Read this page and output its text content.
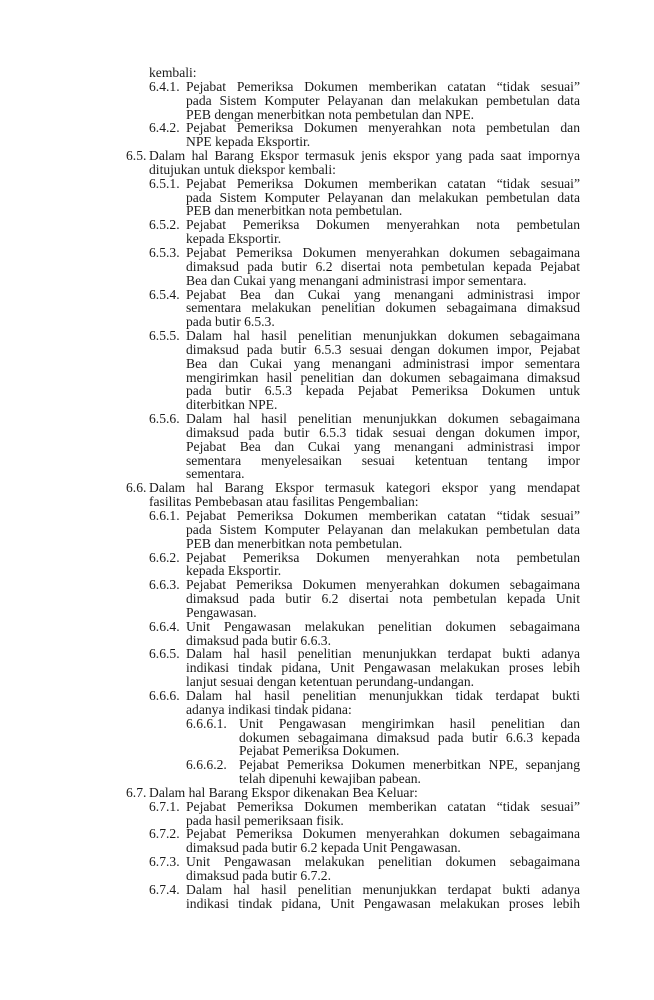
kembali:
6.4.1. Pejabat Pemeriksa Dokumen memberikan catatan “tidak sesuai”
pada Sistem Komputer Pelayanan dan melakukan pembetulan data
PEB dengan menerbitkan nota pembetulan dan NPE.
6.4.2. Pejabat Pemeriksa Dokumen menyerahkan nota pembetulan dan
NPE kepada Eksportir.
6.5. Dalam hal Barang Ekspor termasuk jenis ekspor yang pada saat impornya
ditujukan untuk diekspor kembali:
6.5.1. Pejabat Pemeriksa Dokumen memberikan catatan “tidak sesuai”
pada Sistem Komputer Pelayanan dan melakukan pembetulan data
PEB dan menerbitkan nota pembetulan.
6.5.2. Pejabat Pemeriksa Dokumen menyerahkan nota pembetulan
kepada Eksportir.
6.5.3. Pejabat Pemeriksa Dokumen menyerahkan dokumen sebagaimana
dimaksud pada butir 6.2 disertai nota pembetulan kepada Pejabat
Bea dan Cukai yang menangani administrasi impor sementara.
6.5.4. Pejabat Bea dan Cukai yang menangani administrasi impor
sementara melakukan penelitian dokumen sebagaimana dimaksud
pada butir 6.5.3.
6.5.5. Dalam hal hasil penelitian menunjukkan dokumen sebagaimana
dimaksud pada butir 6.5.3 sesuai dengan dokumen impor, Pejabat
Bea dan Cukai yang menangani administrasi impor sementara
mengirimkan hasil penelitian dan dokumen sebagaimana dimaksud
pada butir 6.5.3 kepada Pejabat Pemeriksa Dokumen untuk
diterbitkan NPE.
6.5.6. Dalam hal hasil penelitian menunjukkan dokumen sebagaimana
dimaksud pada butir 6.5.3 tidak sesuai dengan dokumen impor,
Pejabat Bea dan Cukai yang menangani administrasi impor
sementara menyelesaikan sesuai ketentuan tentang impor
sementara.
6.6. Dalam hal Barang Ekspor termasuk kategori ekspor yang mendapat
fasilitas Pembebasan atau fasilitas Pengembalian:
6.6.1. Pejabat Pemeriksa Dokumen memberikan catatan “tidak sesuai”
pada Sistem Komputer Pelayanan dan melakukan pembetulan data
PEB dan menerbitkan nota pembetulan.
6.6.2. Pejabat Pemeriksa Dokumen menyerahkan nota pembetulan
kepada Eksportir.
6.6.3. Pejabat Pemeriksa Dokumen menyerahkan dokumen sebagaimana
dimaksud pada butir 6.2 disertai nota pembetulan kepada Unit
Pengawasan.
6.6.4. Unit Pengawasan melakukan penelitian dokumen sebagaimana
dimaksud pada butir 6.6.3.
6.6.5. Dalam hal hasil penelitian menunjukkan terdapat bukti adanya
indikasi tindak pidana, Unit Pengawasan melakukan proses lebih
lanjut sesuai dengan ketentuan perundang-undangan.
6.6.6. Dalam hal hasil penelitian menunjukkan tidak terdapat bukti
adanya indikasi tindak pidana:
6.6.6.1. Unit Pengawasan mengirimkan hasil penelitian dan
dokumen sebagaimana dimaksud pada butir 6.6.3 kepada
Pejabat Pemeriksa Dokumen.
6.6.6.2. Pejabat Pemeriksa Dokumen menerbitkan NPE, sepanjang
telah dipenuhi kewajiban pabean.
6.7. Dalam hal Barang Ekspor dikenakan Bea Keluar:
6.7.1. Pejabat Pemeriksa Dokumen memberikan catatan “tidak sesuai”
pada hasil pemeriksaan fisik.
6.7.2. Pejabat Pemeriksa Dokumen menyerahkan dokumen sebagaimana
dimaksud pada butir 6.2 kepada Unit Pengawasan.
6.7.3. Unit Pengawasan melakukan penelitian dokumen sebagaimana
dimaksud pada butir 6.7.2.
6.7.4. Dalam hal hasil penelitian menunjukkan terdapat bukti adanya
indikasi tindak pidana, Unit Pengawasan melakukan proses lebih
